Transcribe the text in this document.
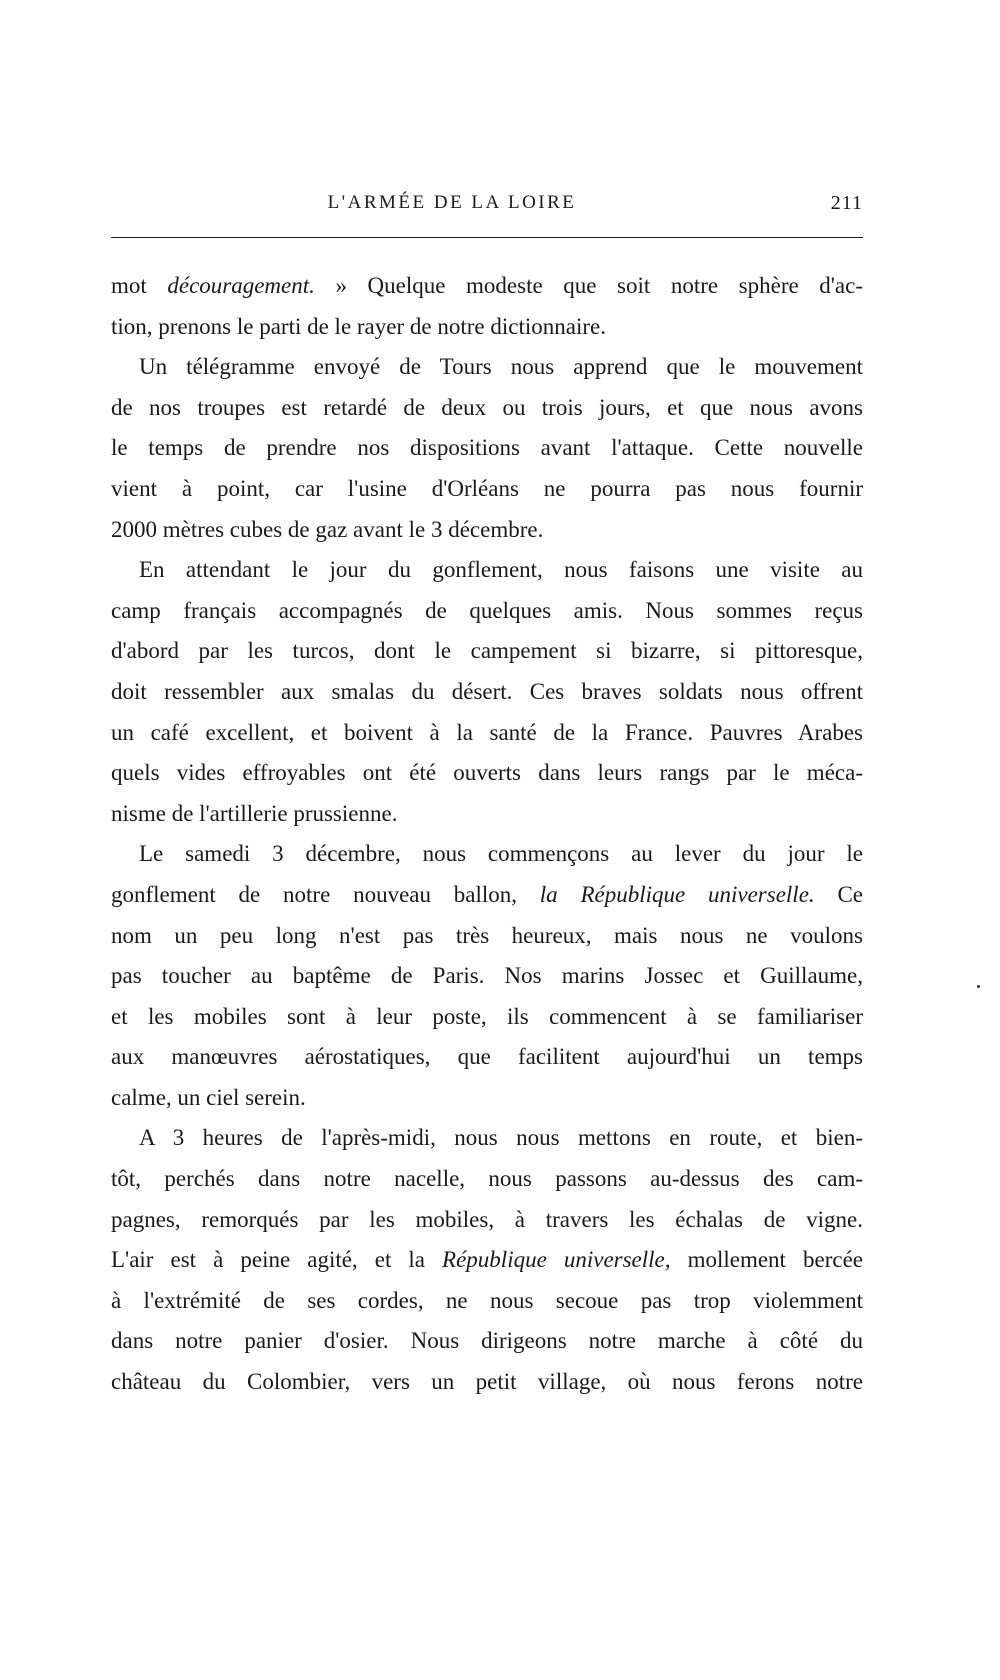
L'ARMÉE DE LA LOIRE	211
mot découragement. » Quelque modeste que soit notre sphère d'ac-
tion, prenons le parti de le rayer de notre dictionnaire.
Un télégramme envoyé de Tours nous apprend que le mouvement
de nos troupes est retardé de deux ou trois jours, et que nous avons
le temps de prendre nos dispositions avant l'attaque. Cette nouvelle
vient à point, car l'usine d'Orléans ne pourra pas nous fournir
2000 mètres cubes de gaz avant le 3 décembre.
En attendant le jour du gonflement, nous faisons une visite au
camp français accompagnés de quelques amis. Nous sommes reçus
d'abord par les turcos, dont le campement si bizarre, si pittoresque,
doit ressembler aux smalas du désert. Ces braves soldats nous offrent
un café excellent, et boivent à la santé de la France. Pauvres Arabes
quels vides effroyables ont été ouverts dans leurs rangs par le méca-
nisme de l'artillerie prussienne.
Le samedi 3 décembre, nous commençons au lever du jour le
gonflement de notre nouveau ballon, la République universelle. Ce
nom un peu long n'est pas très heureux, mais nous ne voulons
pas toucher au baptême de Paris. Nos marins Jossec et Guillaume,
et les mobiles sont à leur poste, ils commencent à se familiariser
aux manœuvres aérostatiques, que facilitent aujourd'hui un temps
calme, un ciel serein.
A 3 heures de l'après-midi, nous nous mettons en route, et bien-
tôt, perchés dans notre nacelle, nous passons au-dessus des cam-
pagnes, remorqués par les mobiles, à travers les échalas de vigne.
L'air est à peine agité, et la République universelle, mollement bercée
à l'extrémité de ses cordes, ne nous secoue pas trop violemment
dans notre panier d'osier. Nous dirigeons notre marche à côté du
château du Colombier, vers un petit village, où nous ferons notre
